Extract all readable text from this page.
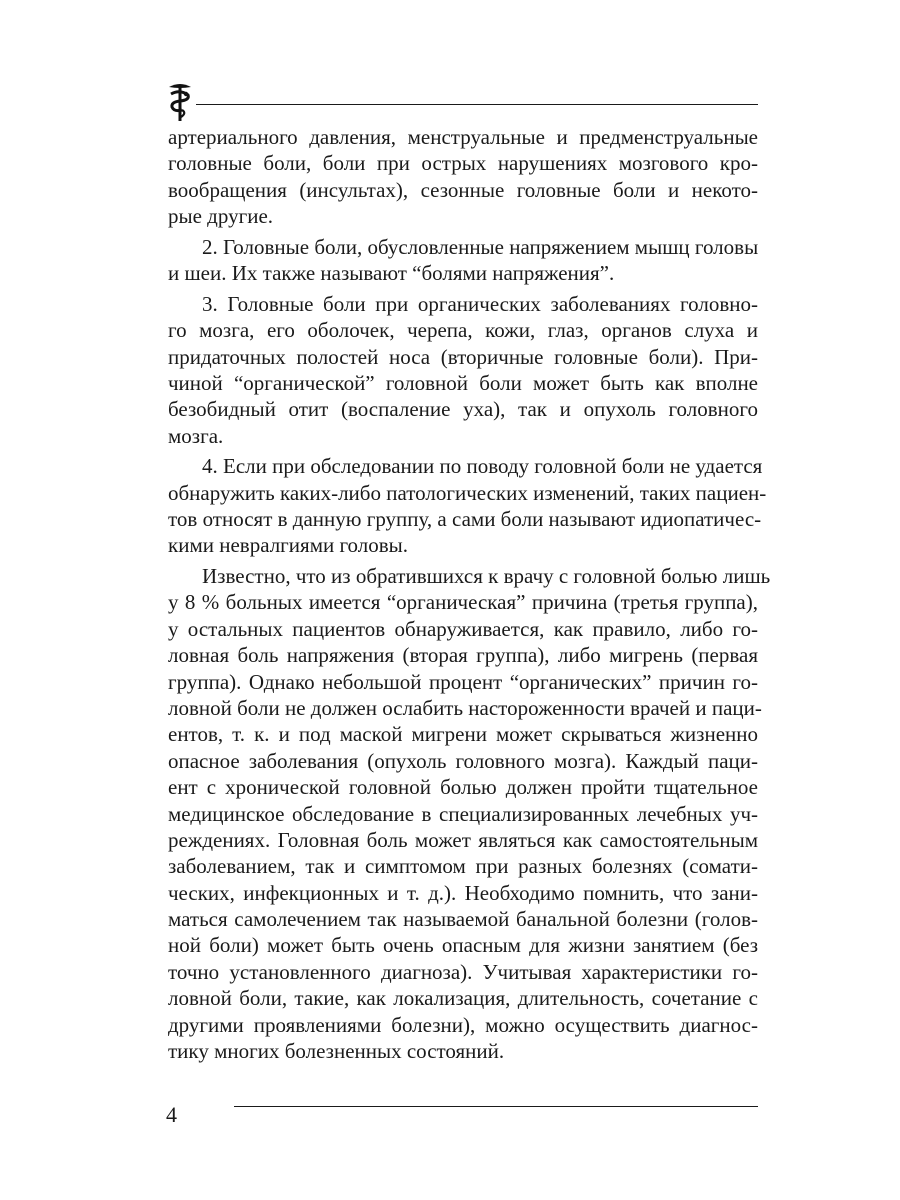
артериального давления, менструальные и предменструальные
головные боли, боли при острых нарушениях мозгового кро-
вообращения (инсультах), сезонные головные боли и некото-
рые другие.
2. Головные боли, обусловленные напряжением мышц головы
и шеи. Их также называют “болями напряжения”.
3. Головные боли при органических заболеваниях головно-
го мозга, его оболочек, черепа, кожи, глаз, органов слуха и
придаточных полостей носа (вторичные головные боли). При-
чиной “органической” головной боли может быть как вполне
безобидный отит (воспаление уха), так и опухоль головного
мозга.
4. Если при обследовании по поводу головной боли не удается
обнаружить каких-либо патологических изменений, таких пациен-
тов относят в данную группу, а сами боли называют идиопатичес-
кими невралгиями головы.
Известно, что из обратившихся к врачу с головной болью лишь
у 8 % больных имеется “органическая” причина (третья группа),
у остальных пациентов обнаруживается, как правило, либо го-
ловная боль напряжения (вторая группа), либо мигрень (первая
группа). Однако небольшой процент “органических” причин го-
ловной боли не должен ослабить настороженности врачей и паци-
ентов, т. к. и под маской мигрени может скрываться жизненно
опасное заболевания (опухоль головного мозга). Каждый паци-
ент с хронической головной болью должен пройти тщательное
медицинское обследование в специализированных лечебных уч-
реждениях. Головная боль может являться как самостоятельным
заболеванием, так и симптомом при разных болезнях (сомати-
ческих, инфекционных и т. д.). Необходимо помнить, что зани-
маться самолечением так называемой банальной болезни (голов-
ной боли) может быть очень опасным для жизни занятием (без
точно установленного диагноза). Учитывая характеристики го-
ловной боли, такие, как локализация, длительность, сочетание с
другими проявлениями болезни), можно осуществить диагнос-
тику многих болезненных состояний.
4
